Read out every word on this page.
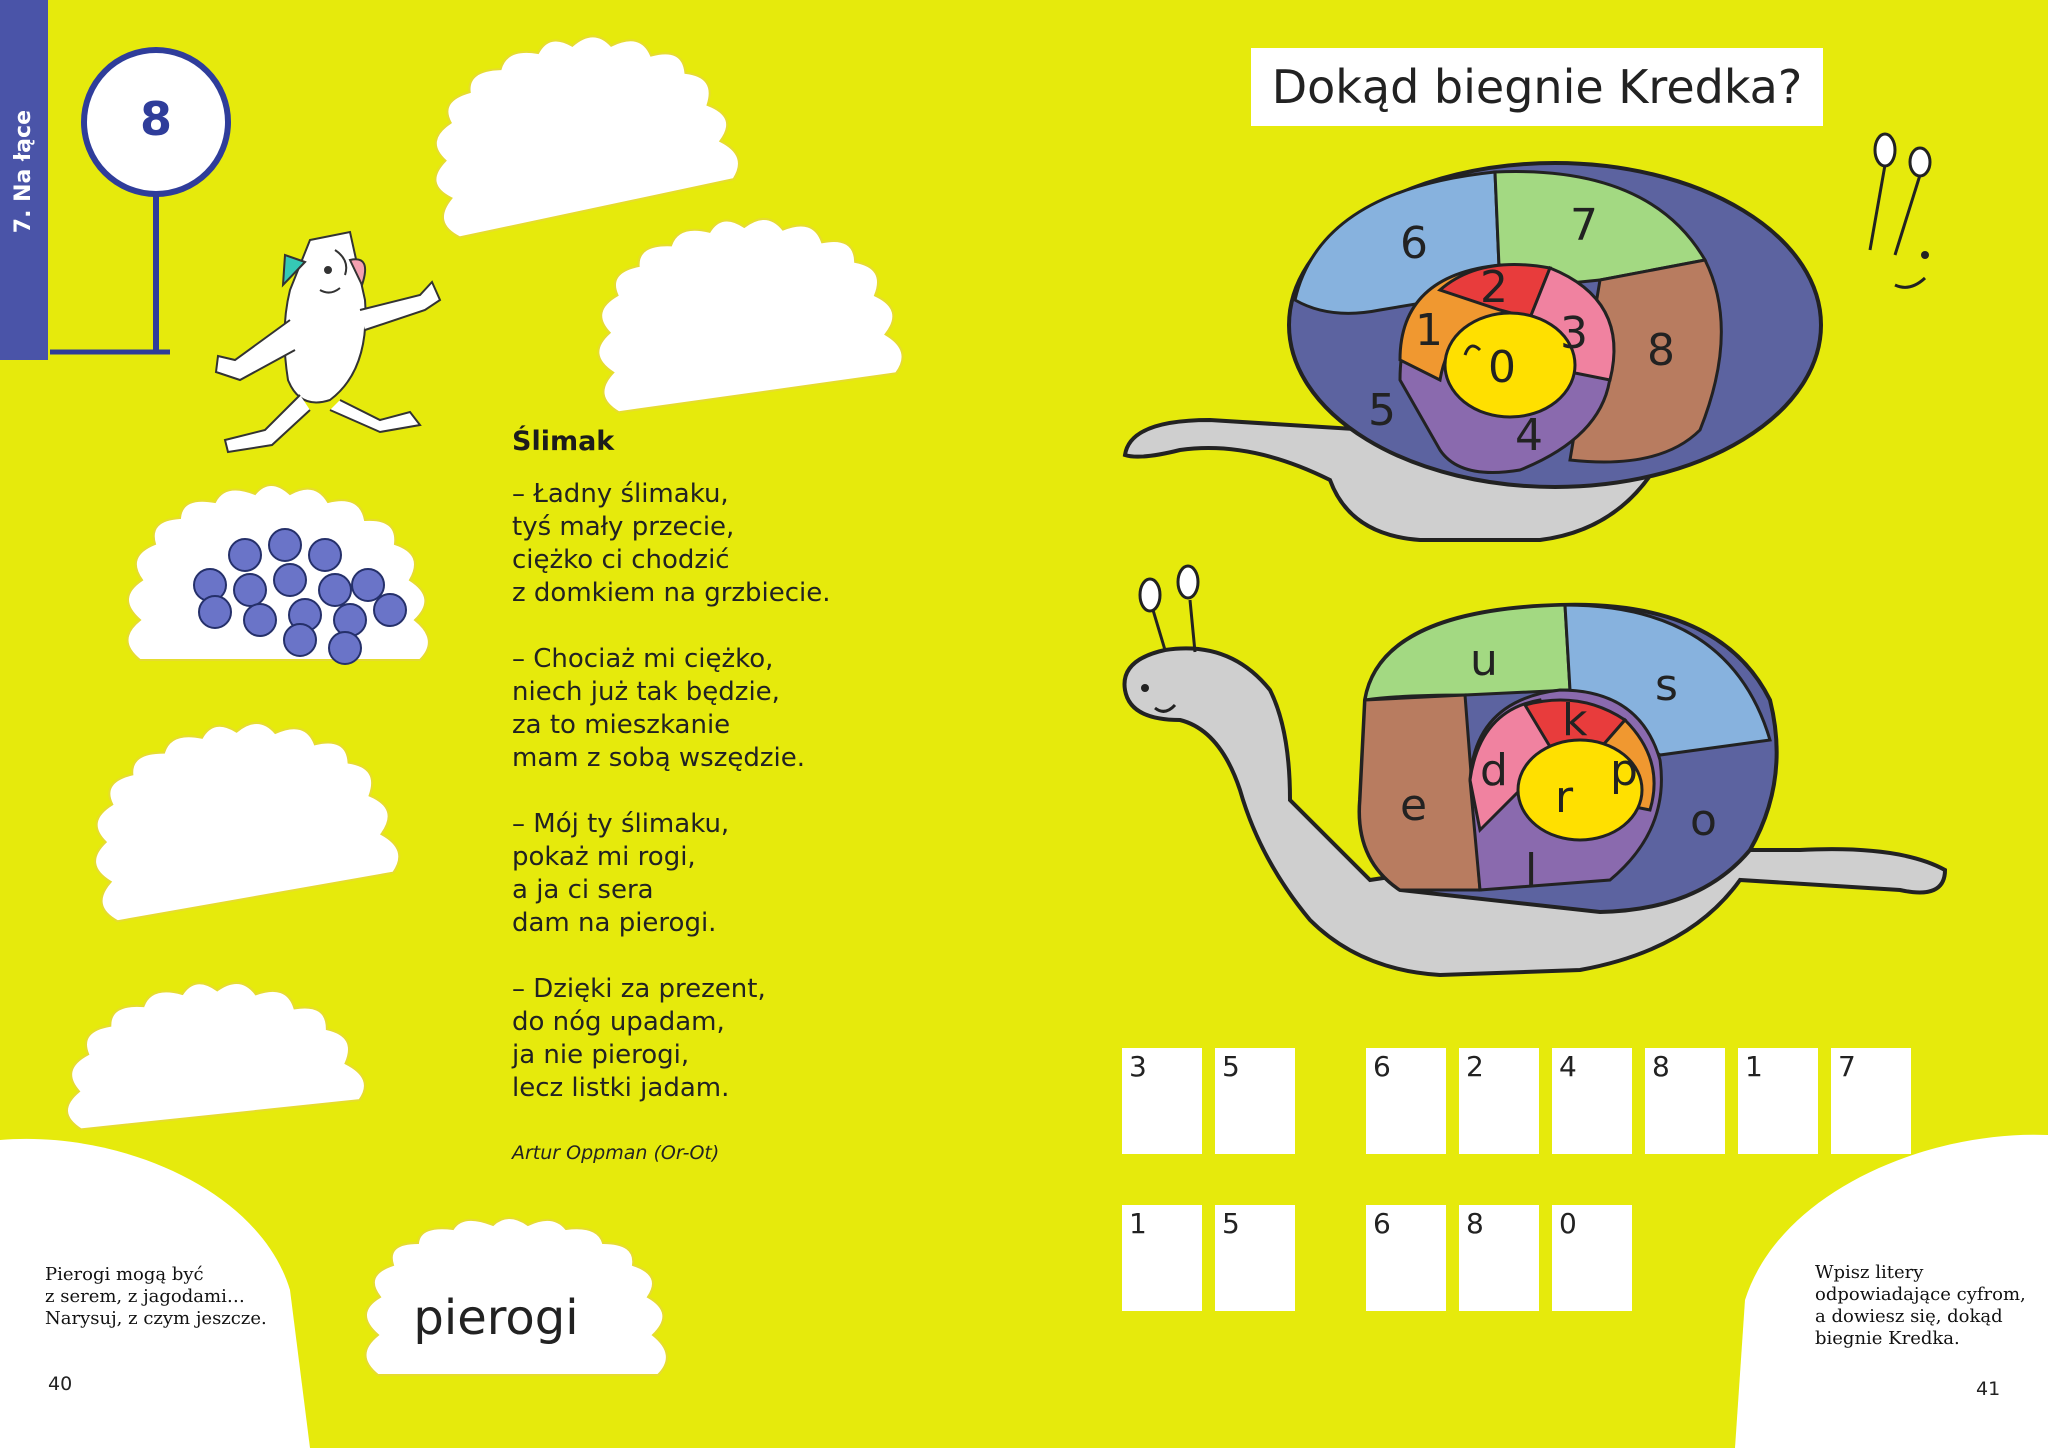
7. Na łące
6	7
2
1
0
3 8
5	4
u	s
k
d p
r
e	o
l
8
Ślimak
– Ładny ślimaku,
tyś mały przecie,
ciężko ci chodzić
z domkiem na grzbiecie.
– Chociaż mi ciężko,
niech już tak będzie,
za to mieszkanie
mam z sobą wszędzie.
– Mój ty ślimaku,
pokaż mi rogi,
a ja ci sera
dam na pierogi.
– Dzięki za prezent,
do nóg upadam,
ja nie pierogi,
lecz listki jadam.
Artur Oppman (Or-Ot)
pierogi
Pierogi mogą być
z serem, z jagodami…
Narysuj, z czym jeszcze.
40
Dokąd biegnie Kredka?
3	5	6	2	4	8	1	7
1	5	6	8	0
Wpisz litery
odpowiadające cyfrom,
a dowiesz się, dokąd
biegnie Kredka.
41
